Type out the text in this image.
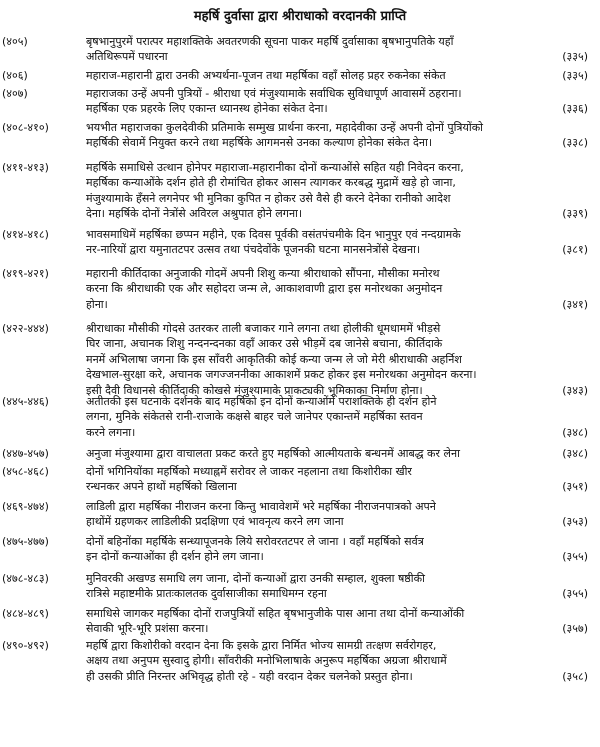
महर्षि दुर्वासा द्वारा श्रीराधाको वरदानकी प्राप्ति
(४०५)	बृषभानुपुरमें परात्पर महाशक्तिके अवतरणकी सूचना पाकर महर्षि दुर्वासाका बृषभानुपतिके यहाँ
अतिथिरूपमें पधारना	(३३५)
(४०६)	महाराज-महारानी द्वारा उनकी अभ्यर्थना-पूजन तथा महर्षिका वहाँ सोलह प्रहर रुकनेका संकेत	(३३५)
(४०७)	महाराजका उन्हें अपनी पुत्रियों - श्रीराधा एवं मंजुश्यामाके सर्वाधिक सुविधापूर्ण आवासमें ठहराना।
महर्षिका एक प्रहरके लिए एकान्त ध्यानस्थ होनेका संकेत देना।	(३३६)
(४०८-४१०)	भयभीत महाराजका कुलदेवीकी प्रतिमाके सम्मुख प्रार्थना करना, महादेवीका उन्हें अपनी दोनों पुत्रियोंको
महर्षिकी सेवामें नियुक्त करने तथा महर्षिके आगमनसे उनका कल्याण होनेका संकेत देना।	(३३८)
(४११-४१३)	महर्षिके समाधिसे उत्थान होनेपर महाराजा-महारानीका दोनों कन्याओंसे सहित यही निवेदन करना,
महर्षिका कन्याओंके दर्शन होते ही रोमांचित होकर आसन त्यागकर करबद्ध मुद्रामें खड़े हो जाना,
मंजुश्यामाके हँसने लगनेपर भी मुनिका कुपित न होकर उसे वैसे ही करने देनेका रानीको आदेश
देना। महर्षिके दोनों नेत्रोंसे अविरल अश्रुपात होने लगना।	(३३९)
(४१४-४१८)	भावसमाधिमें महर्षिका छप्पन महीने, एक दिवस पूर्वकी वसंतपंचमीके दिन भानुपुर एवं नन्दग्रामके
नर-नारियों द्वारा यमुनातटपर उत्सव तथा पंचदेवोंके पूजनकी घटना मानसनेत्रोंसे देखना।	(३८१)
(४१९-४२१)	महारानी कीर्तिदाका अनुजाकी गोदमें अपनी शिशु कन्या श्रीराधाको सौंपना, मौसीका मनोरथ
करना कि श्रीराधाकी एक और सहोदरा जन्म ले, आकाशवाणी द्वारा इस मनोरथका अनुमोदन
होना।	(३४१)
(४२२-४४४)	श्रीराधाका मौसीकी गोदसे उतरकर ताली बजाकर गाने लगना तथा होलीकी धूमधाममें भीड़से
घिर जाना, अचानक शिशु नन्दनन्दनका वहाँ आकर उसे भीड़में दब जानेसे बचाना, कीर्तिदाके
मनमें अभिलाषा जगना कि इस साँवरी आकृतिकी कोई कन्या जन्म ले जो मेरी श्रीराधाकी अहर्निश
देखभाल-सुरक्षा करे, अचानक जगज्जननीका आकाशमें प्रकट होकर इस मनोरथका अनुमोदन करना।
इसी दैवी विधानसे कीर्तिदाकी कोखसे मंजुश्यामाके प्राकट्यकी भूमिकाका निर्माण होना।	(३४३)
(४४५-४४६)	अतीतकी इस घटनाके दर्शनके बाद महर्षिको इन दोनों कन्याओंमें पराशक्तिके ही दर्शन होने
लगना, मुनिके संकेतसे रानी-राजाके कक्षसे बाहर चले जानेपर एकान्तमें महर्षिका स्तवन
करने लगना।	(३४८)
(४४७-४५७)	अनुजा मंजुश्यामा द्वारा वाचालता प्रकट करते हुए महर्षिको आत्मीयताके बन्धनमें आबद्ध कर लेना	(३४८)
(४५८-४६८)	दोनों भगिनियोंका महर्षिको मध्याह्नमें सरोवर ले जाकर नहलाना तथा किशोरीका खीर
रन्धनकर अपने हाथों महर्षिको खिलाना	(३५१)
(४६९-४७४)	लाडिली द्वारा महर्षिका नीराजन करना किन्तु भावावेशमें भरे महर्षिका नीराजनपात्रको अपने
हाथोंमें ग्रहणकर लाडिलीकी प्रदक्षिणा एवं भावनृत्य करने लग जाना	(३५३)
(४७५-४७७)	दोनों बहिनोंका महर्षिके सन्ध्यापूजनके लिये सरोवरतटपर ले जाना । वहाँ महर्षिको सर्वत्र
इन दोनों कन्याओंका ही दर्शन होने लग जाना।	(३५५)
(४७८-४८३)	मुनिवरकी अखण्ड समाधि लग जाना, दोनों कन्याओं द्वारा उनकी सम्हाल, शुक्ला षष्ठीकी
रात्रिसे महाष्टमीके प्रातःकालतक दुर्वासाजीका समाधिमग्न रहना	(३५५)
(४८४-४८९)	समाधिसे जागकर महर्षिका दोनों राजपुत्रियों सहित बृषभानुजीके पास आना तथा दोनों कन्याओंकी
सेवाकी भूरि-भूरि प्रशंसा करना।	(३५७)
(४९०-४९२)	महर्षि द्वारा किशोरीको वरदान देना कि इसके द्वारा निर्मित भोज्य सामग्री तत्क्षण सर्वरोगहर,
अक्षय तथा अनुपम सुस्वादु होगी। साँवरीकी मनोभिलाषाके अनुरूप महर्षिका अग्रजा श्रीराधामें
ही उसकी प्रीति निरन्तर अभिवृद्ध होती रहे - यही वरदान देकर चलनेको प्रस्तुत होना।	(३५८)
